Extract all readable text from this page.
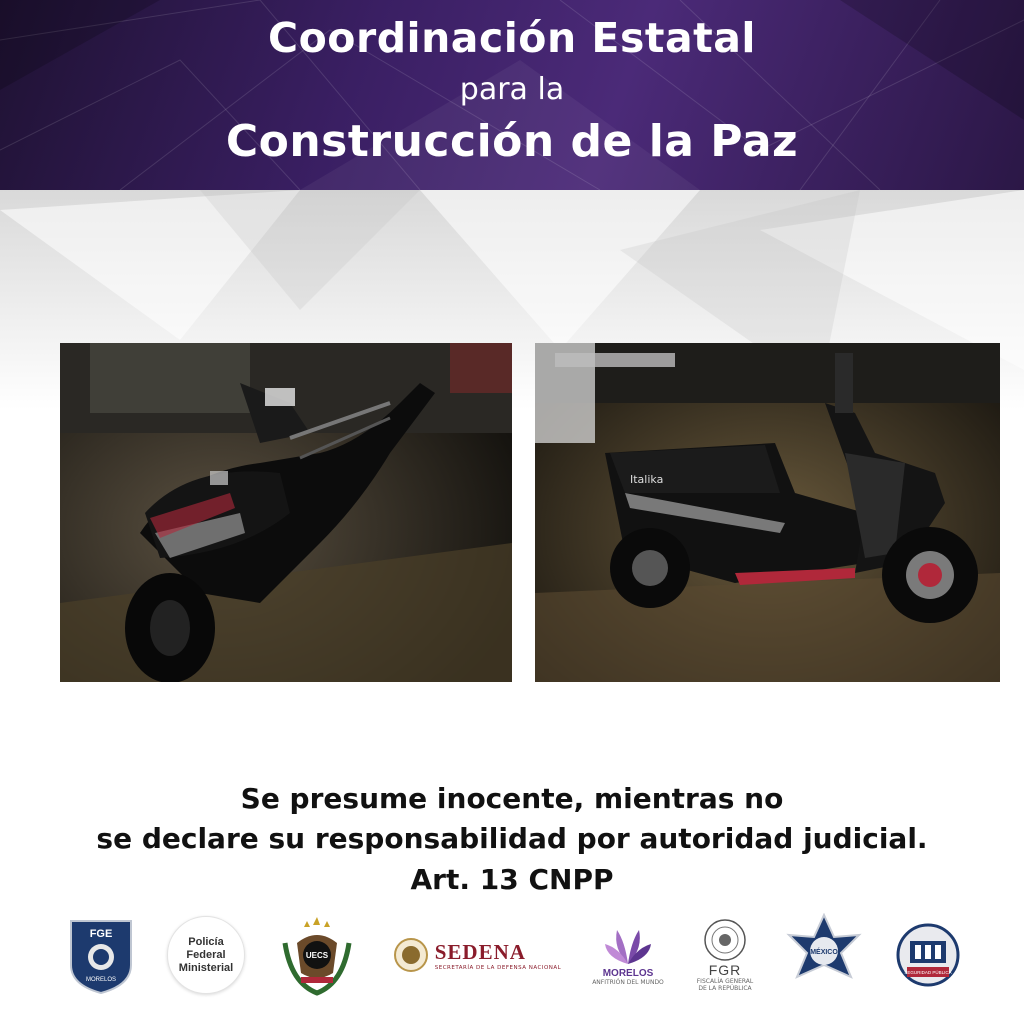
Coordinación Estatal
para la
Construcción de la Paz
Italika
Se presume inocente, mientras no
se declare su responsabilidad por autoridad judicial.
Art. 13 CNPP
FGE
MORELOS
Policía
Federal
Ministerial
UECS	SEDENA
SECRETARÍA DE LA DEFENSA NACIONAL
MORELOS
ANFITRIÓN DEL MUNDO
FGR
FISCALÍA GENERAL DE LA REPÚBLICA
MÉXICO
SEGURIDAD PÚBLICA
